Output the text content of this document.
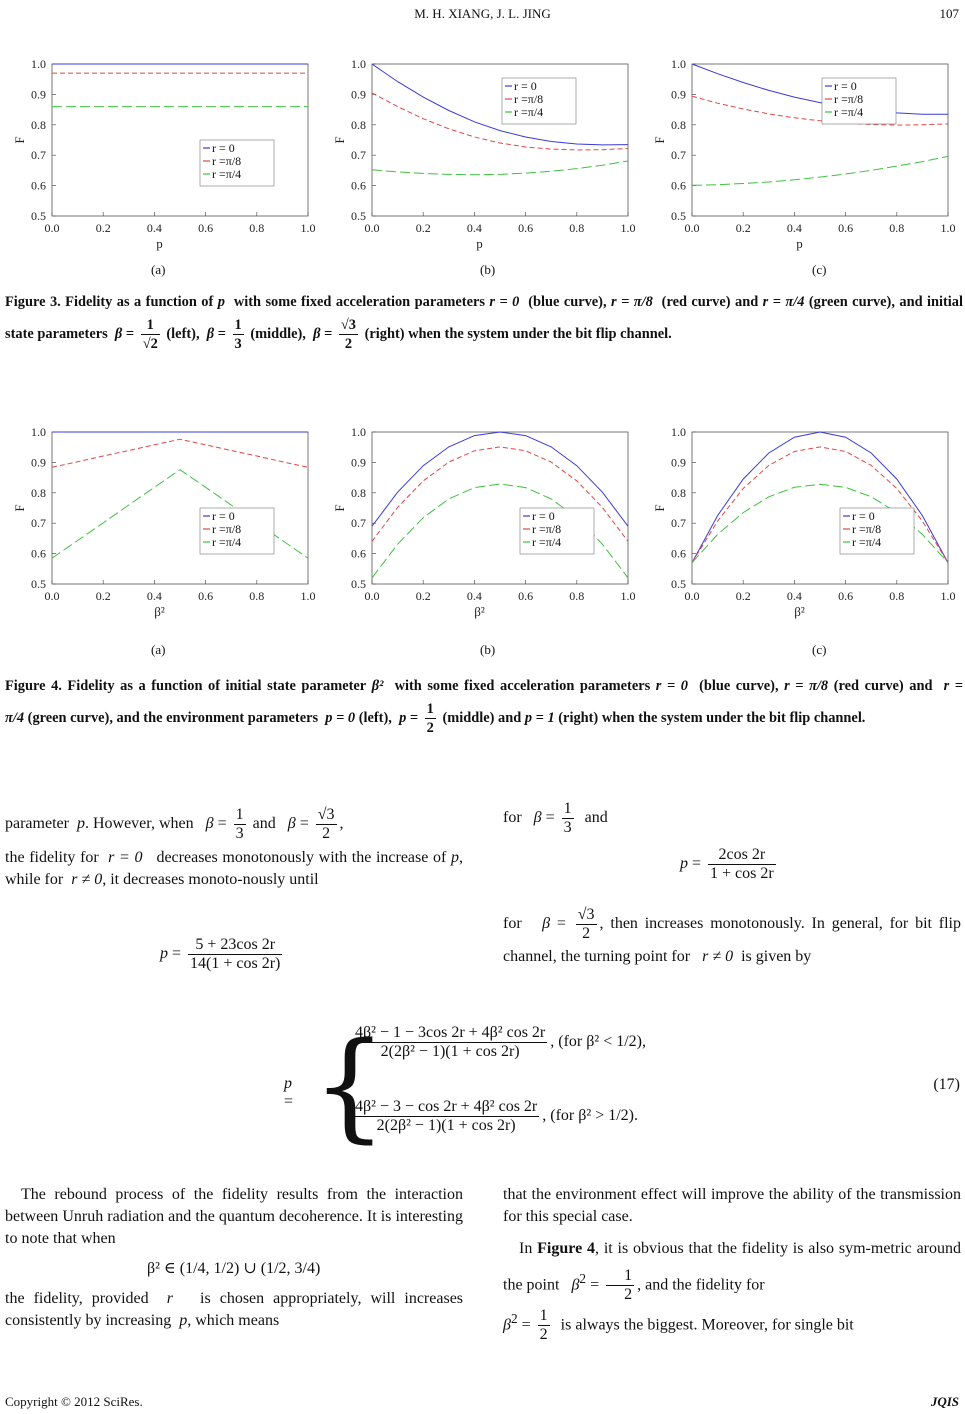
M. H. XIANG, J. L. JING	107
0.0	0.2	0.4	0.6	0.8	1.0
0.5
0.6
0.7
0.8
0.9
1.0
p
F
r = 0
r =π/8
r =π/4
0.0	0.2	0.4	0.6	0.8	1.0
0.5
0.6
0.7
0.8
0.9
1.0
p
F
r = 0
r =π/8
r =π/4
0.0	0.2	0.4	0.6	0.8	1.0
0.5
0.6
0.7
0.8
0.9
1.0
p
F
r = 0
r =π/8
r =π/4
(a)	(b)	(c)
Figure 3. Fidelity as a function of p with some fixed acceleration parameters r = 0 (blue curve), r = π/8 (red curve) and r = π/4 (green curve), and initial state parameters $\beta = \frac{1}{√2}$ (left), $\beta = \frac{1}{3}$ (middle), $\beta = \frac{√3}{2}$ (right) when the system under the bit flip channel.
0.0	0.2	0.4	0.6	0.8	1.0
0.5
0.6
0.7
0.8
0.9
1.0
β²
F
r = 0
r =π/8
r =π/4
0.0	0.2	0.4	0.6	0.8	1.0
0.5
0.6
0.7
0.8
0.9
1.0
β²
F
r = 0
r =π/8
r =π/4
0.0	0.2	0.4	0.6	0.8	1.0
0.5
0.6
0.7
0.8
0.9
1.0
β²
F
r = 0
r =π/8
r =π/4
(a)	(b)	(c)
Figure 4. Fidelity as a function of initial state parameter β² with some fixed acceleration parameters r = 0 (blue curve), r = π/8 (red curve) and r = π/4 (green curve), and the environment parameters p = 0 (left), $p = \frac{1}{2}$ (middle) and p = 1 (right) when the system under the bit flip channel.
parameter p. However, when $\beta = \frac{1}{3}$ and $\beta = \frac{√3}{2}$ ,
the fidelity for r = 0 decreases monotonously with the increase of p, while for r ≠ 0, it decreases monoto-nously until
$p = \frac{5 + 23\cos 2r}{14(1 + \cos 2r)}$
for $\beta = \frac{1}{3}$ and
$p = \frac{2\cos 2r}{1 + \cos 2r}$
for $\beta = \frac{√3}{2}$ , then increases monotonously. In general, for bit flip channel, the turning point for r ≠ 0 is given by
p = {
$\frac{\text{4β² − 1 − 3cos 2r + 4β² cos 2r}}{\text{2(2β² − 1)(1 + cos 2r)}}$ , (for β² < 1/2),
$\frac{\text{4β² − 3 − cos 2r + 4β² cos 2r}}{\text{2(2β² − 1)(1 + cos 2r)}}$ , (for β² > 1/2).
(17)
The rebound process of the fidelity results from the interaction between Unruh radiation and the quantum decoherence. It is interesting to note that when
β² ∈ (1/4, 1/2) ∪ (1/2, 3/4)
the fidelity, provided r is chosen appropriately, will increases consistently by increasing p, which means
that the environment effect will improve the ability of the transmission for this special case.
In Figure 4, it is obvious that the fidelity is also sym-metric around the point $\beta^2 = \frac{1}{2}$ , and the fidelity for
$\beta^2 = \frac{1}{2}$ is always the biggest. Moreover, for single bit
Copyright © 2012 SciRes.	JQIS
